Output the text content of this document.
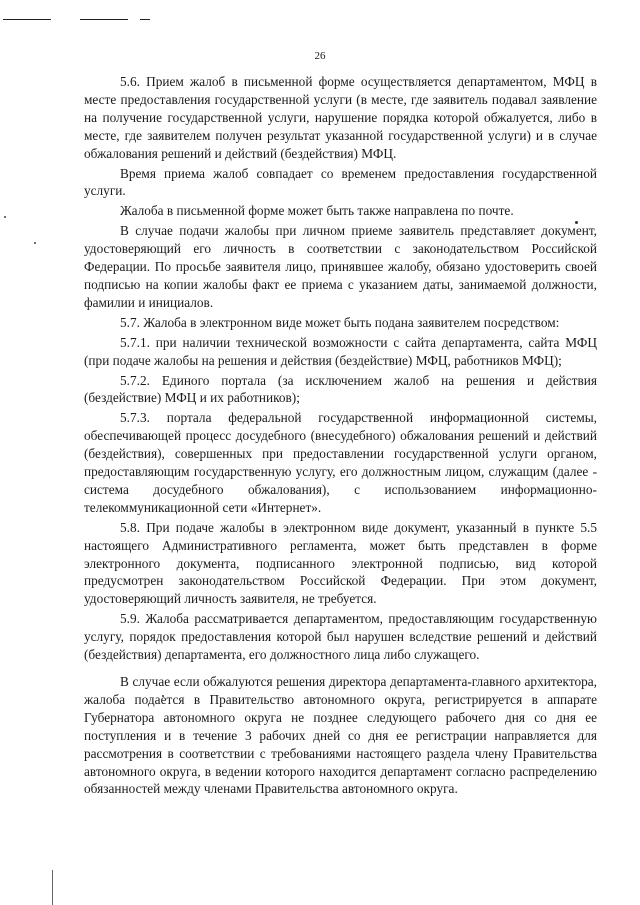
26

5.6. Прием жалоб в письменной форме осуществляется департаментом, МФЦ в месте предоставления государственной услуги (в месте, где заявитель подавал заявление на получение государственной услуги, нарушение порядка которой обжалуется, либо в месте, где заявителем получен результат указанной государственной услуги) и в случае обжалования решений и действий (бездействия) МФЦ.

Время приема жалоб совпадает со временем предоставления государственной услуги.

Жалоба в письменной форме может быть также направлена по почте.

В случае подачи жалобы при личном приеме заявитель представляет документ, удостоверяющий его личность в соответствии с законодательством Российской Федерации. По просьбе заявителя лицо, принявшее жалобу, обязано удостоверить своей подписью на копии жалобы факт ее приема с указанием даты, занимаемой должности, фамилии и инициалов.

5.7. Жалоба в электронном виде может быть подана заявителем посредством:

5.7.1. при наличии технической возможности с сайта департамента, сайта МФЦ (при подаче жалобы на решения и действия (бездействие) МФЦ, работников МФЦ);

5.7.2. Единого портала (за исключением жалоб на решения и действия (бездействие) МФЦ и их работников);

5.7.3. портала федеральной государственной информационной системы, обеспечивающей процесс досудебного (внесудебного) обжалования решений и действий (бездействия), совершенных при предоставлении государственной услуги органом, предоставляющим государственную услугу, его должностным лицом, служащим (далее - система досудебного обжалования), с использованием информационно-телекоммуникационной сети «Интернет».

5.8. При подаче жалобы в электронном виде документ, указанный в пункте 5.5 настоящего Административного регламента, может быть представлен в форме электронного документа, подписанного электронной подписью, вид которой предусмотрен законодательством Российской Федерации. При этом документ, удостоверяющий личность заявителя, не требуется.

5.9. Жалоба рассматривается департаментом, предоставляющим государственную услугу, порядок предоставления которой был нарушен вследствие решений и действий (бездействия) департамента, его должностного лица либо служащего.

В случае если обжалуются решения директора департамента-главного архитектора, жалоба подается в Правительство автономного округа, регистрируется в аппарате Губернатора автономного округа не позднее следующего рабочего дня со дня ее поступления и в течение 3 рабочих дней со дня ее регистрации направляется для рассмотрения в соответствии с требованиями настоящего раздела члену Правительства автономного округа, в ведении которого находится департамент согласно распределению обязанностей между членами Правительства автономного округа.
